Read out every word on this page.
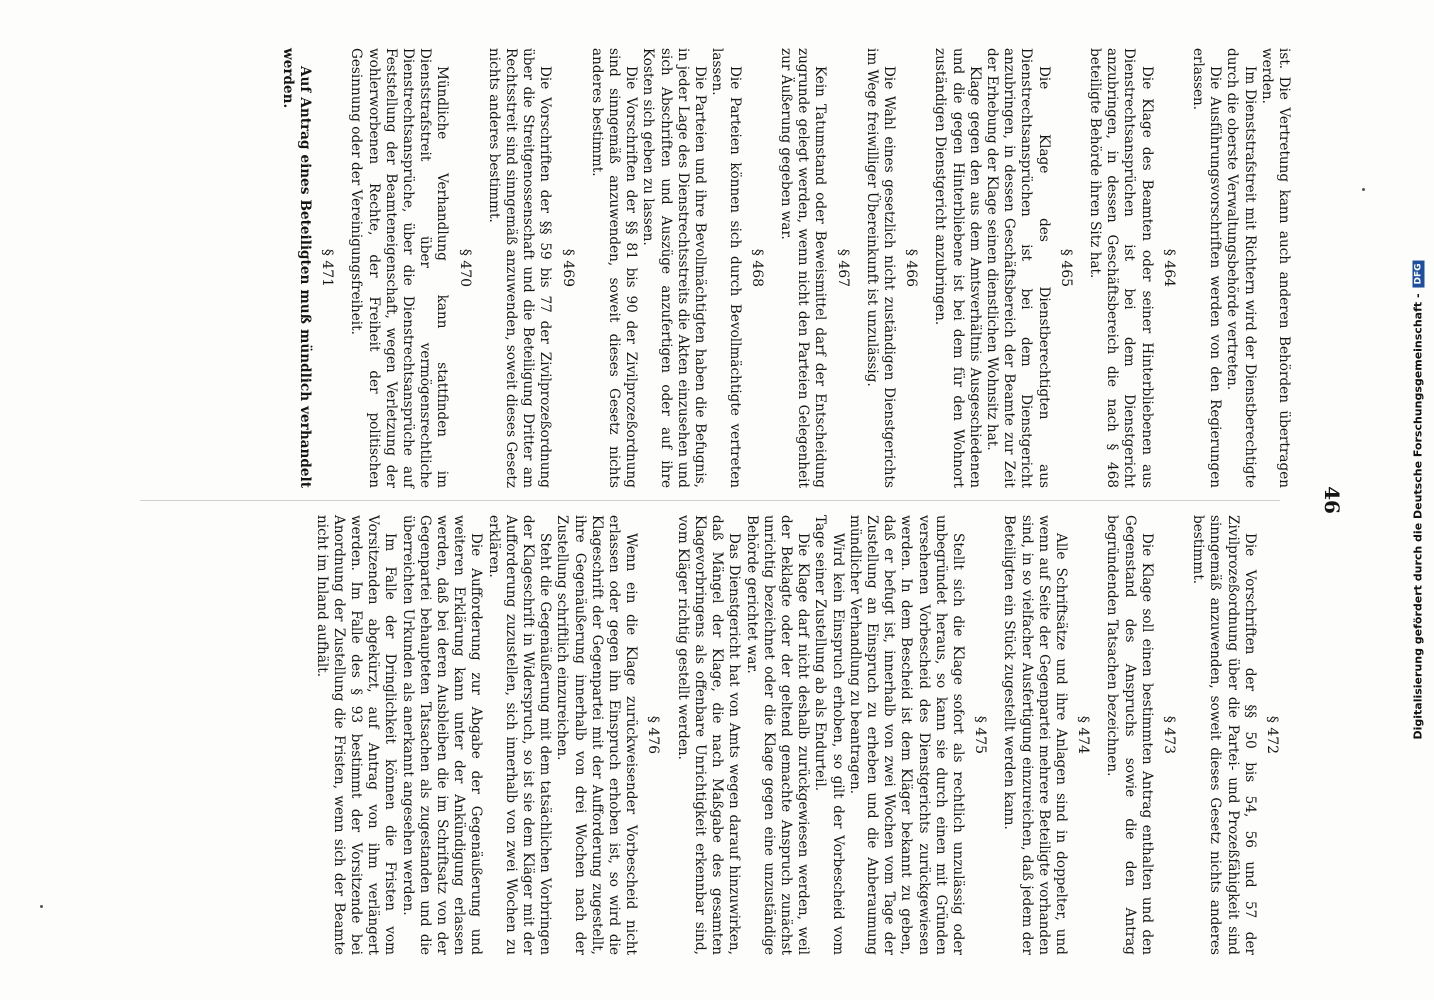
46

ist. Die Vertretung kann auch anderen Behörden übertragen werden.

Im Dienststrafstreit mit Richtern wird der Dienstberechtigte durch die oberste Verwaltungsbehörde vertreten.

Die Ausführungsvorschriften werden von den Regierungen erlassen.

§ 464

Die Klage des Beamten oder seiner Hinterbliebenen aus Dienstrechtsansprüchen ist bei dem Dienstgericht anzubringen, in dessen Geschäftsbereich die nach § 468 beteiligte Behörde ihren Sitz hat.

§ 465

Die Klage des Dienstberechtigten aus Dienstrechtsansprüchen ist bei dem Dienstgericht anzubringen, in dessen Geschäftsbereich der Beamte zur Zeit der Erhebung der Klage seinen dienstlichen Wohnsitz hat.

Klage gegen den aus dem Amtsverhältnis Ausgeschiedenen und die gegen Hinterbliebene ist bei dem für den Wohnort zuständigen Dienstgericht anzubringen.

§ 466

Die Wahl eines gesetzlich nicht zuständigen Dienstgerichts im Wege freiwilliger Übereinkunft ist unzulässig.

§ 467

Kein Tatumstand oder Beweismittel darf der Entscheidung zugrunde gelegt werden, wenn nicht den Parteien Gelegenheit zur Äußerung gegeben war.

§ 468

Die Parteien können sich durch Bevollmächtigte vertreten lassen.

Die Parteien und ihre Bevollmächtigten haben die Befugnis, in jeder Lage des Dienstrechtsstreits die Akten einzusehen und sich Abschriften und Auszüge anzufertigen oder auf ihre Kosten sich geben zu lassen.

Die Vorschriften der §§ 81 bis 90 der Zivilprozeßordnung sind sinngemäß anzuwenden, soweit dieses Gesetz nichts anderes bestimmt.

§ 469

Die Vorschriften der §§ 59 bis 77 der Zivilprozeßordnung über die Streitgenossenschaft und die Beteiligung Dritter am Rechtsstreit sind sinngemäß anzuwenden, soweit dieses Gesetz nichts anderes bestimmt.

§ 470

Mündliche Verhandlung kann stattfinden im Dienststrafstreit über vermögensrechtliche Dienstrechtsansprüche, über die Dienstrechtsansprüche auf Feststellung der Beamteneigenschaft, wegen Verletzung der wohlerworbenen Rechte, der Freiheit der politischen Gesinnung oder der Vereinigungsfreiheit.

§ 471

Auf Antrag eines Beteiligten muß mündlich verhandelt werden.

§ 472

Die Vorschriften der §§ 50 bis 54, 56 und 57 der Zivilprozeßordnung über die Partei- und Prozeßfähigkeit sind sinngemäß anzuwenden, soweit dieses Gesetz nichts anderes bestimmt.

§ 473

Die Klage soll einen bestimmten Antrag enthalten und den Gegenstand des Anspruchs sowie die den Antrag begründenden Tatsachen bezeichnen.

§ 474

Alle Schriftsätze und ihre Anlagen sind in doppelter, und wenn auf Seite der Gegenpartei mehrere Beteiligte vorhanden sind, in so vielfacher Ausfertigung einzureichen, daß jedem der Beteiligten ein Stück zugestellt werden kann.

§ 475

Stellt sich die Klage sofort als rechtlich unzulässig oder unbegründet heraus, so kann sie durch einen mit Gründen versehenen Vorbescheid des Dienstgerichts zurückgewiesen werden. In dem Bescheid ist dem Kläger bekannt zu geben, daß er befugt ist, innerhalb von zwei Wochen vom Tage der Zustellung an Einspruch zu erheben und die Anberaumung mündlicher Verhandlung zu beantragen.

Wird kein Einspruch erhoben, so gilt der Vorbescheid vom Tage seiner Zustellung ab als Endurteil.

Die Klage darf nicht deshalb zurückgewiesen werden, weil der Beklagte oder der geltend gemachte Anspruch zunächst unrichtig bezeichnet oder die Klage gegen eine unzuständige Behörde gerichtet war.

Das Dienstgericht hat von Amts wegen darauf hinzuwirken, daß Mängel der Klage, die nach Maßgabe des gesamten Klagevorbringens als offenbare Unrichtigkeit erkennbar sind, vom Kläger richtig gestellt werden.

§ 476

Wenn ein die Klage zurückweisender Vorbescheid nicht erlassen oder gegen ihn Einspruch erhoben ist, so wird die Klageschrift der Gegenpartei mit der Aufforderung zugestellt, ihre Gegenäußerung innerhalb von drei Wochen nach der Zustellung schriftlich einzureichen.

Steht die Gegenäußerung mit dem tatsächlichen Vorbringen der Klageschrift in Widerspruch, so ist sie dem Kläger mit der Aufforderung zuzustellen, sich innerhalb von zwei Wochen zu erklären.

Die Aufforderung zur Abgabe der Gegenäußerung und weiteren Erklärung kann unter der Ankündigung erlassen werden, daß bei deren Ausbleiben die im Schriftsatz von der Gegenpartei behaupteten Tatsachen als zugestanden und die überreichten Urkunden als anerkannt angesehen werden.

Im Falle der Dringlichkeit können die Fristen vom Vorsitzenden abgekürzt, auf Antrag von ihm verlängert werden. Im Falle des § 93 bestimmt der Vorsitzende bei Anordnung der Zustellung die Fristen, wenn sich der Beamte nicht im Inland aufhält.	Digitalisierung gefördert durch die Deutsche Forschungsgemeinschaft -
DFG
